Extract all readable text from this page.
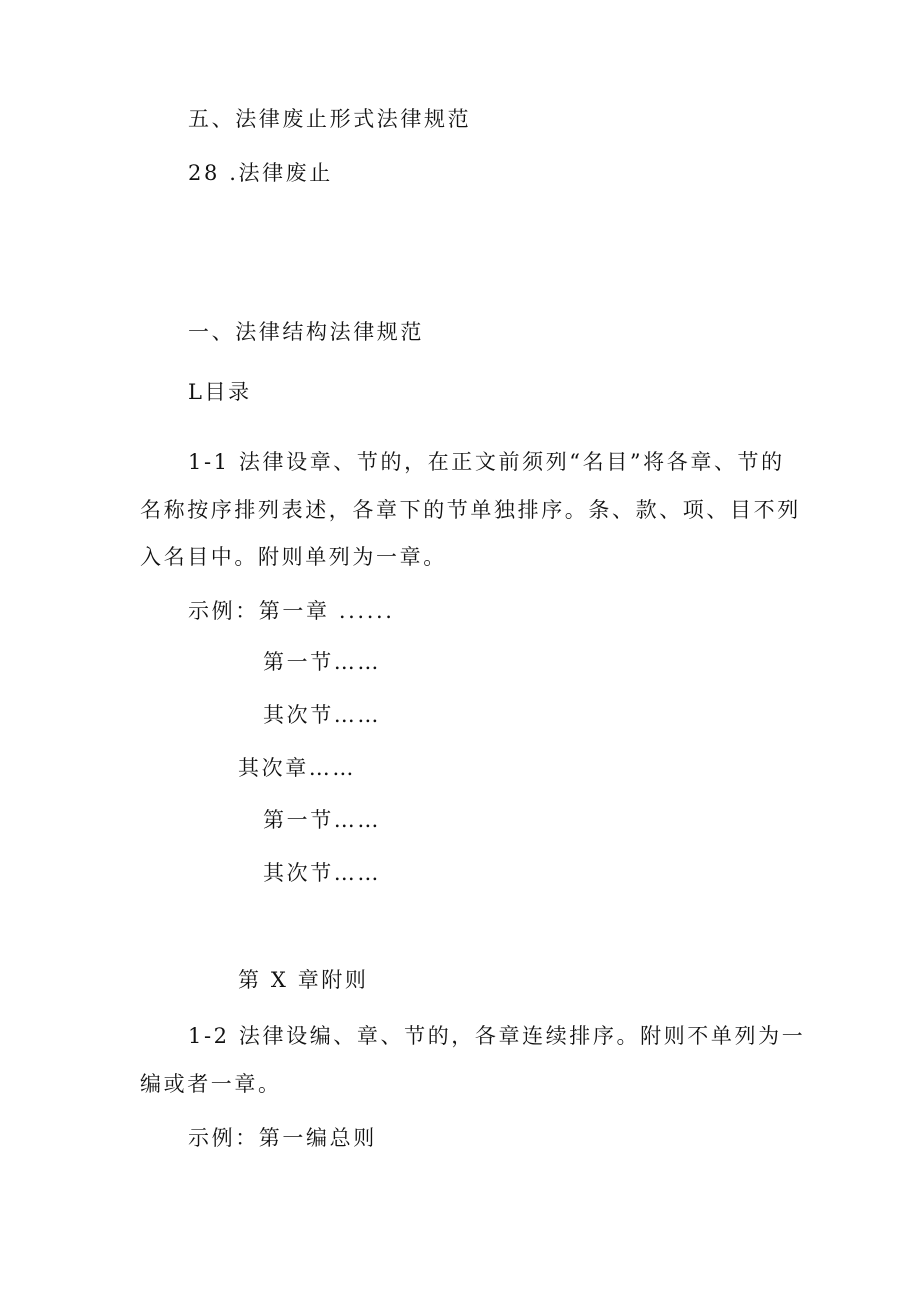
五、法律废止形式法律规范
28 .法律废止
一、法律结构法律规范
L目录
1-1 法律设章、节的，在正文前须列“名目”将各章、节的
名称按序排列表述，各章下的节单独排序。条、款、项、目不列
入名目中。附则单列为一章。
示例：第一章 ......
第一节……
其次节……
其次章……
第一节……
其次节……
第 X 章附则
1-2 法律设编、章、节的，各章连续排序。附则不单列为一
编或者一章。
示例：第一编总则
